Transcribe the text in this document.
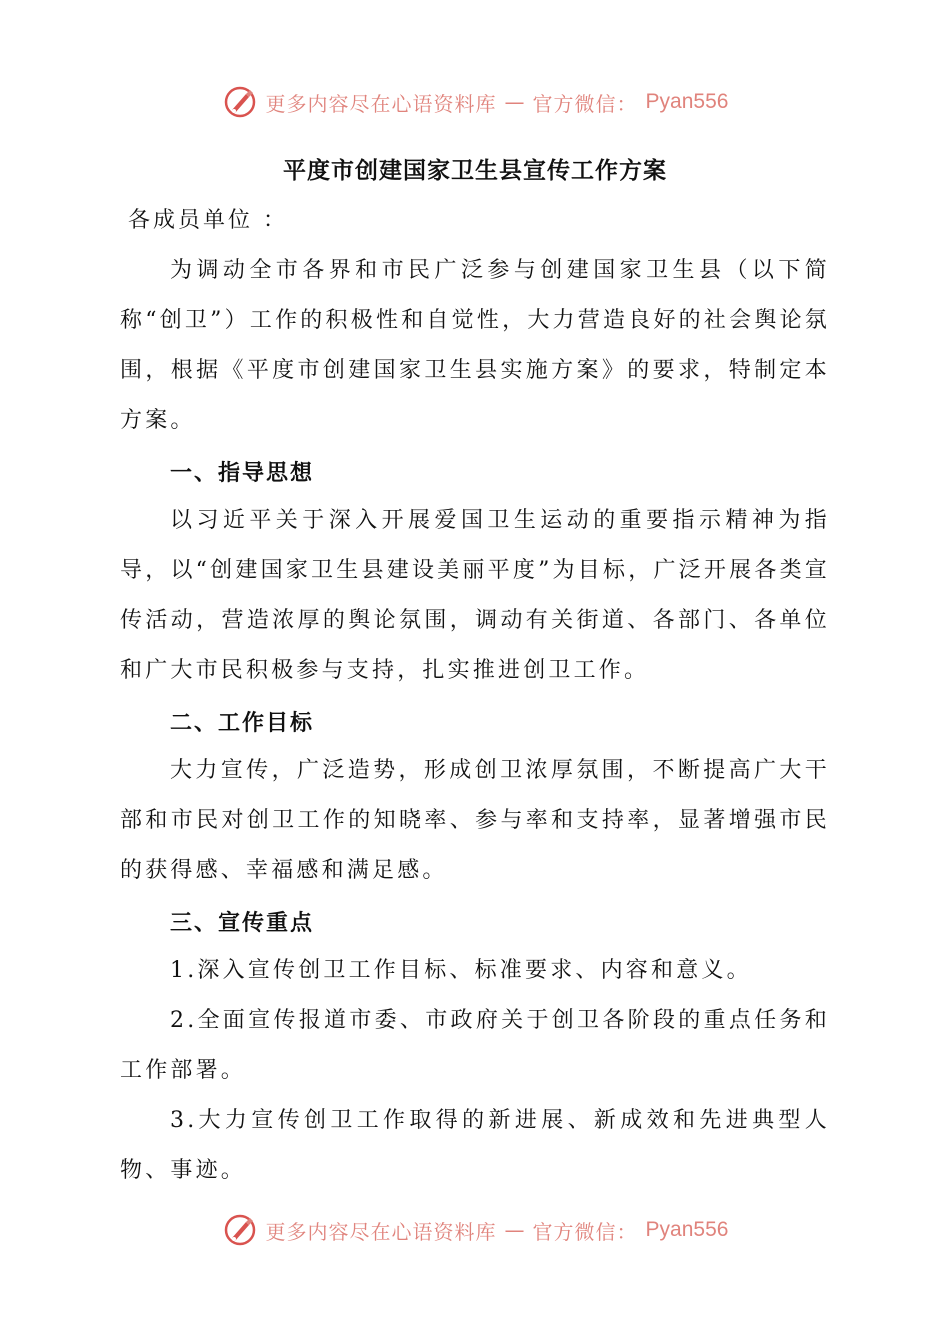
更多内容尽在心语资料库 — 官方微信： Pyan556
平度市创建国家卫生县宣传工作方案

各成员单位 ：

为调动全市各界和市民广泛参与创建国家卫生县（以下简称“创卫”）工作的积极性和自觉性，大力营造良好的社会舆论氛围，根据《平度市创建国家卫生县实施方案》的要求，特制定本方案。

一、指导思想

以习近平关于深入开展爱国卫生运动的重要指示精神为指导，以“创建国家卫生县建设美丽平度”为目标，广泛开展各类宣传活动，营造浓厚的舆论氛围，调动有关街道、各部门、各单位和广大市民积极参与支持，扎实推进创卫工作。

二、工作目标

大力宣传，广泛造势，形成创卫浓厚氛围，不断提高广大干部和市民对创卫工作的知晓率、参与率和支持率，显著增强市民的获得感、幸福感和满足感。

三、宣传重点

1.深入宣传创卫工作目标、标准要求、内容和意义。

2.全面宣传报道市委、市政府关于创卫各阶段的重点任务和工作部署。

3.大力宣传创卫工作取得的新进展、新成效和先进典型人物、事迹。

更多内容尽在心语资料库 — 官方微信： Pyan556
